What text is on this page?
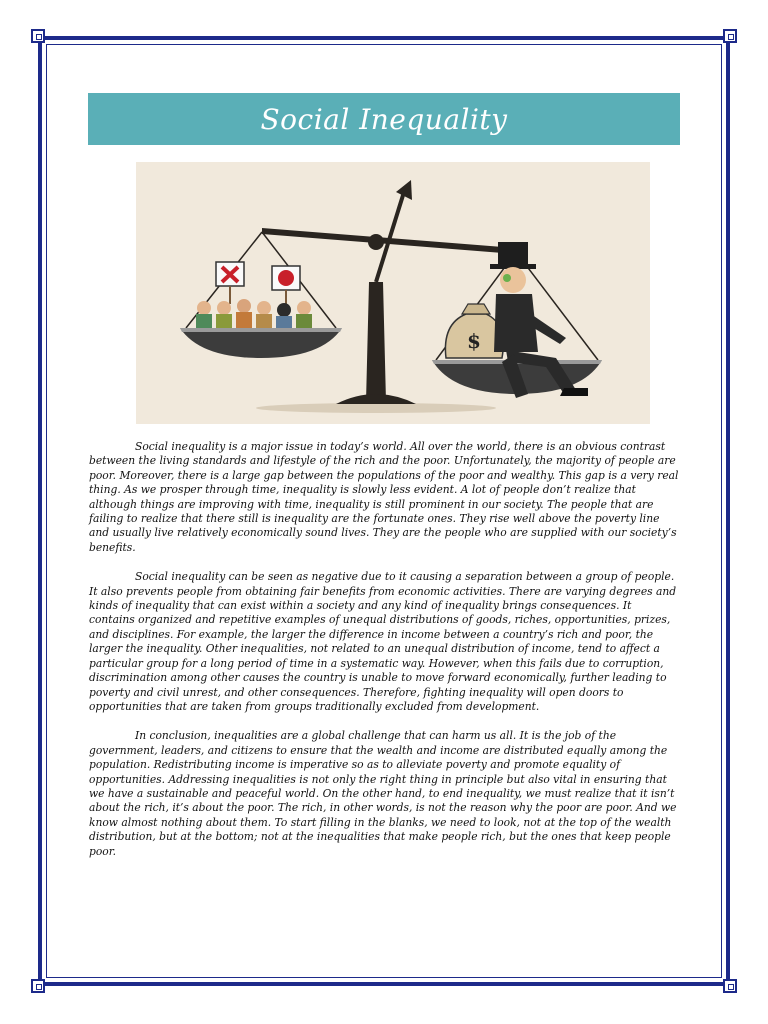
Social Inequality
$

Social inequality is a major issue in today’s world. All over the world, there is an obvious contrast between the living standards and lifestyle of the rich and the poor. Unfortunately, the majority of people are poor. Moreover, there is a large gap between the populations of the poor and wealthy. This gap is a very real thing. As we prosper through time, inequality is slowly less evident. A lot of people don’t realize that although things are improving with time, inequality is still prominent in our society. The people that are failing to realize that there still is inequality are the fortunate ones. They rise well above the poverty line and usually live relatively economically sound lives. They are the people who are supplied with our society’s benefits.

Social inequality can be seen as negative due to it causing a separation between a group of people. It also prevents people from obtaining fair benefits from economic activities. There are varying degrees and kinds of inequality that can exist within a society and any kind of inequality brings consequences. It contains organized and repetitive examples of unequal distributions of goods, riches, opportunities, prizes, and disciplines. For example, the larger the difference in income between a country’s rich and poor, the larger the inequality. Other inequalities, not related to an unequal distribution of income, tend to affect a particular group for a long period of time in a systematic way. However, when this fails due to corruption, discrimination among other causes the country is unable to move forward economically, further leading to poverty and civil unrest, and other consequences. Therefore, fighting inequality will open doors to opportunities that are taken from groups traditionally excluded from development.

In conclusion, inequalities are a global challenge that can harm us all. It is the job of the government, leaders, and citizens to ensure that the wealth and income are distributed equally among the population. Redistributing income is imperative so as to alleviate poverty and promote equality of opportunities. Addressing inequalities is not only the right thing in principle but also vital in ensuring that we have a sustainable and peaceful world. On the other hand, to end inequality, we must realize that it isn’t about the rich, it’s about the poor. The rich, in other words, is not the reason why the poor are poor. And we know almost nothing about them. To start filling in the blanks, we need to look, not at the top of the wealth distribution, but at the bottom; not at the inequalities that make people rich, but the ones that keep people poor.
